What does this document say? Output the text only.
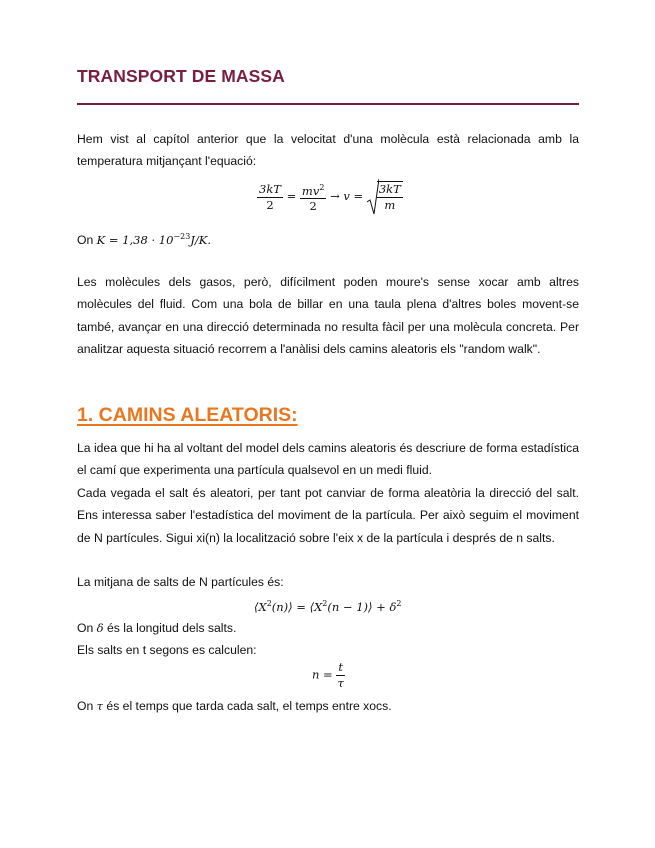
TRANSPORT DE MASSA

Hem vist al capítol anterior que la velocitat d'una molècula està relacionada amb la temperatura mitjançant l'equació:

$\frac{3kT}{2} = \frac{mv^2}{2} \to v = \frac{3kT}{m}$

On $K = 1,38 \cdot 10^{-23}J/K$.

Les molècules dels gasos, però, difícilment poden moure's sense xocar amb altres molècules del fluid. Com una bola de billar en una taula plena d'altres boles movent-se també, avançar en una direcció determinada no resulta fàcil per una molècula concreta. Per analitzar aquesta situació recorrem a l'anàlisi dels camins aleatoris els "random walk".

1. CAMINS ALEATORIS:

La idea que hi ha al voltant del model dels camins aleatoris és descriure de forma estadística el camí que experimenta una partícula qualsevol en un medi fluid.

Cada vegada el salt és aleatori, per tant pot canviar de forma aleatòria la direcció del salt. Ens interessa saber l'estadística del moviment de la partícula. Per això seguim el moviment de N partícules. Sigui xi(n) la localització sobre l'eix x de la partícula i després de n salts.

La mitjana de salts de N partícules és:

$⟨X^2(n)⟩$ = $⟨X^2(n$ − 1)⟩ + $\delta^2$

On δ és la longitud dels salts.

Els salts en t segons es calculen:

$n = \frac{t}{\tau}$

On τ és el temps que tarda cada salt, el temps entre xocs.
